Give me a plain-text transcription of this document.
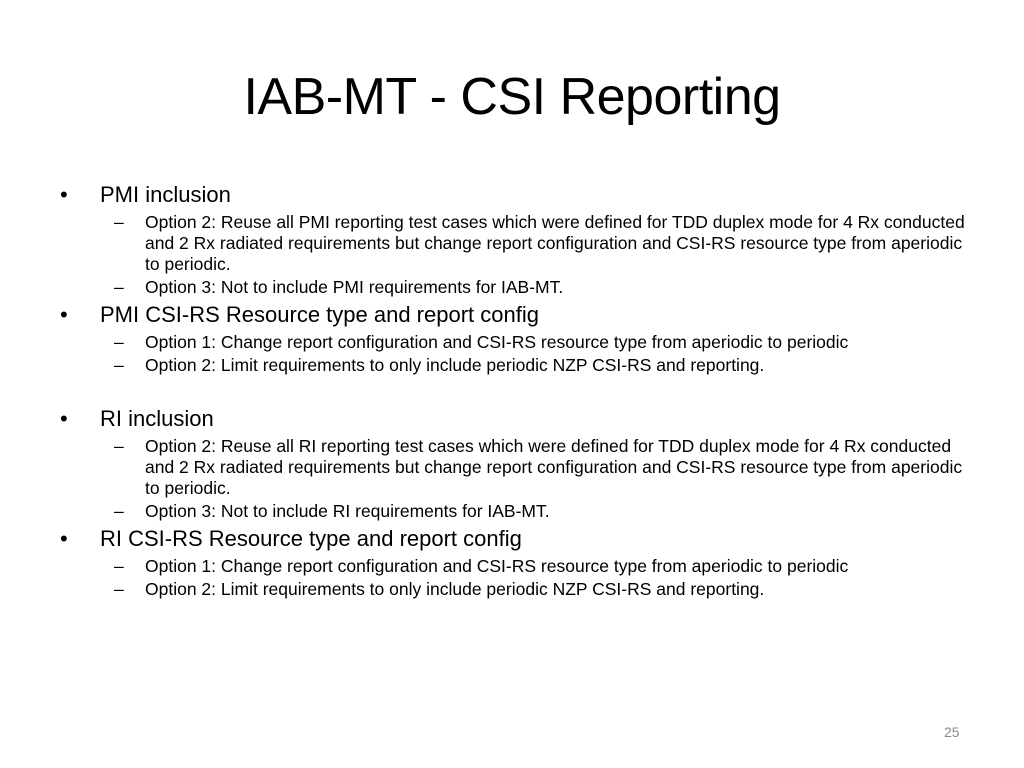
IAB-MT - CSI Reporting
• PMI inclusion
– Option 2: Reuse all PMI reporting test cases which were defined for TDD duplex mode for 4 Rx conducted and 2 Rx radiated requirements but change report configuration and CSI-RS resource type from aperiodic to periodic.
– Option 3: Not to include PMI requirements for IAB-MT.
• PMI CSI-RS Resource type and report config
– Option 1: Change report configuration and CSI-RS resource type from aperiodic to periodic
– Option 2: Limit requirements to only include periodic NZP CSI-RS and reporting.
• RI inclusion
– Option 2: Reuse all RI reporting test cases which were defined for TDD duplex mode for 4 Rx conducted and 2 Rx radiated requirements but change report configuration and CSI-RS resource type from aperiodic to periodic.
– Option 3: Not to include RI requirements for IAB-MT.
• RI CSI-RS Resource type and report config
– Option 1: Change report configuration and CSI-RS resource type from aperiodic to periodic
– Option 2: Limit requirements to only include periodic NZP CSI-RS and reporting.
25
